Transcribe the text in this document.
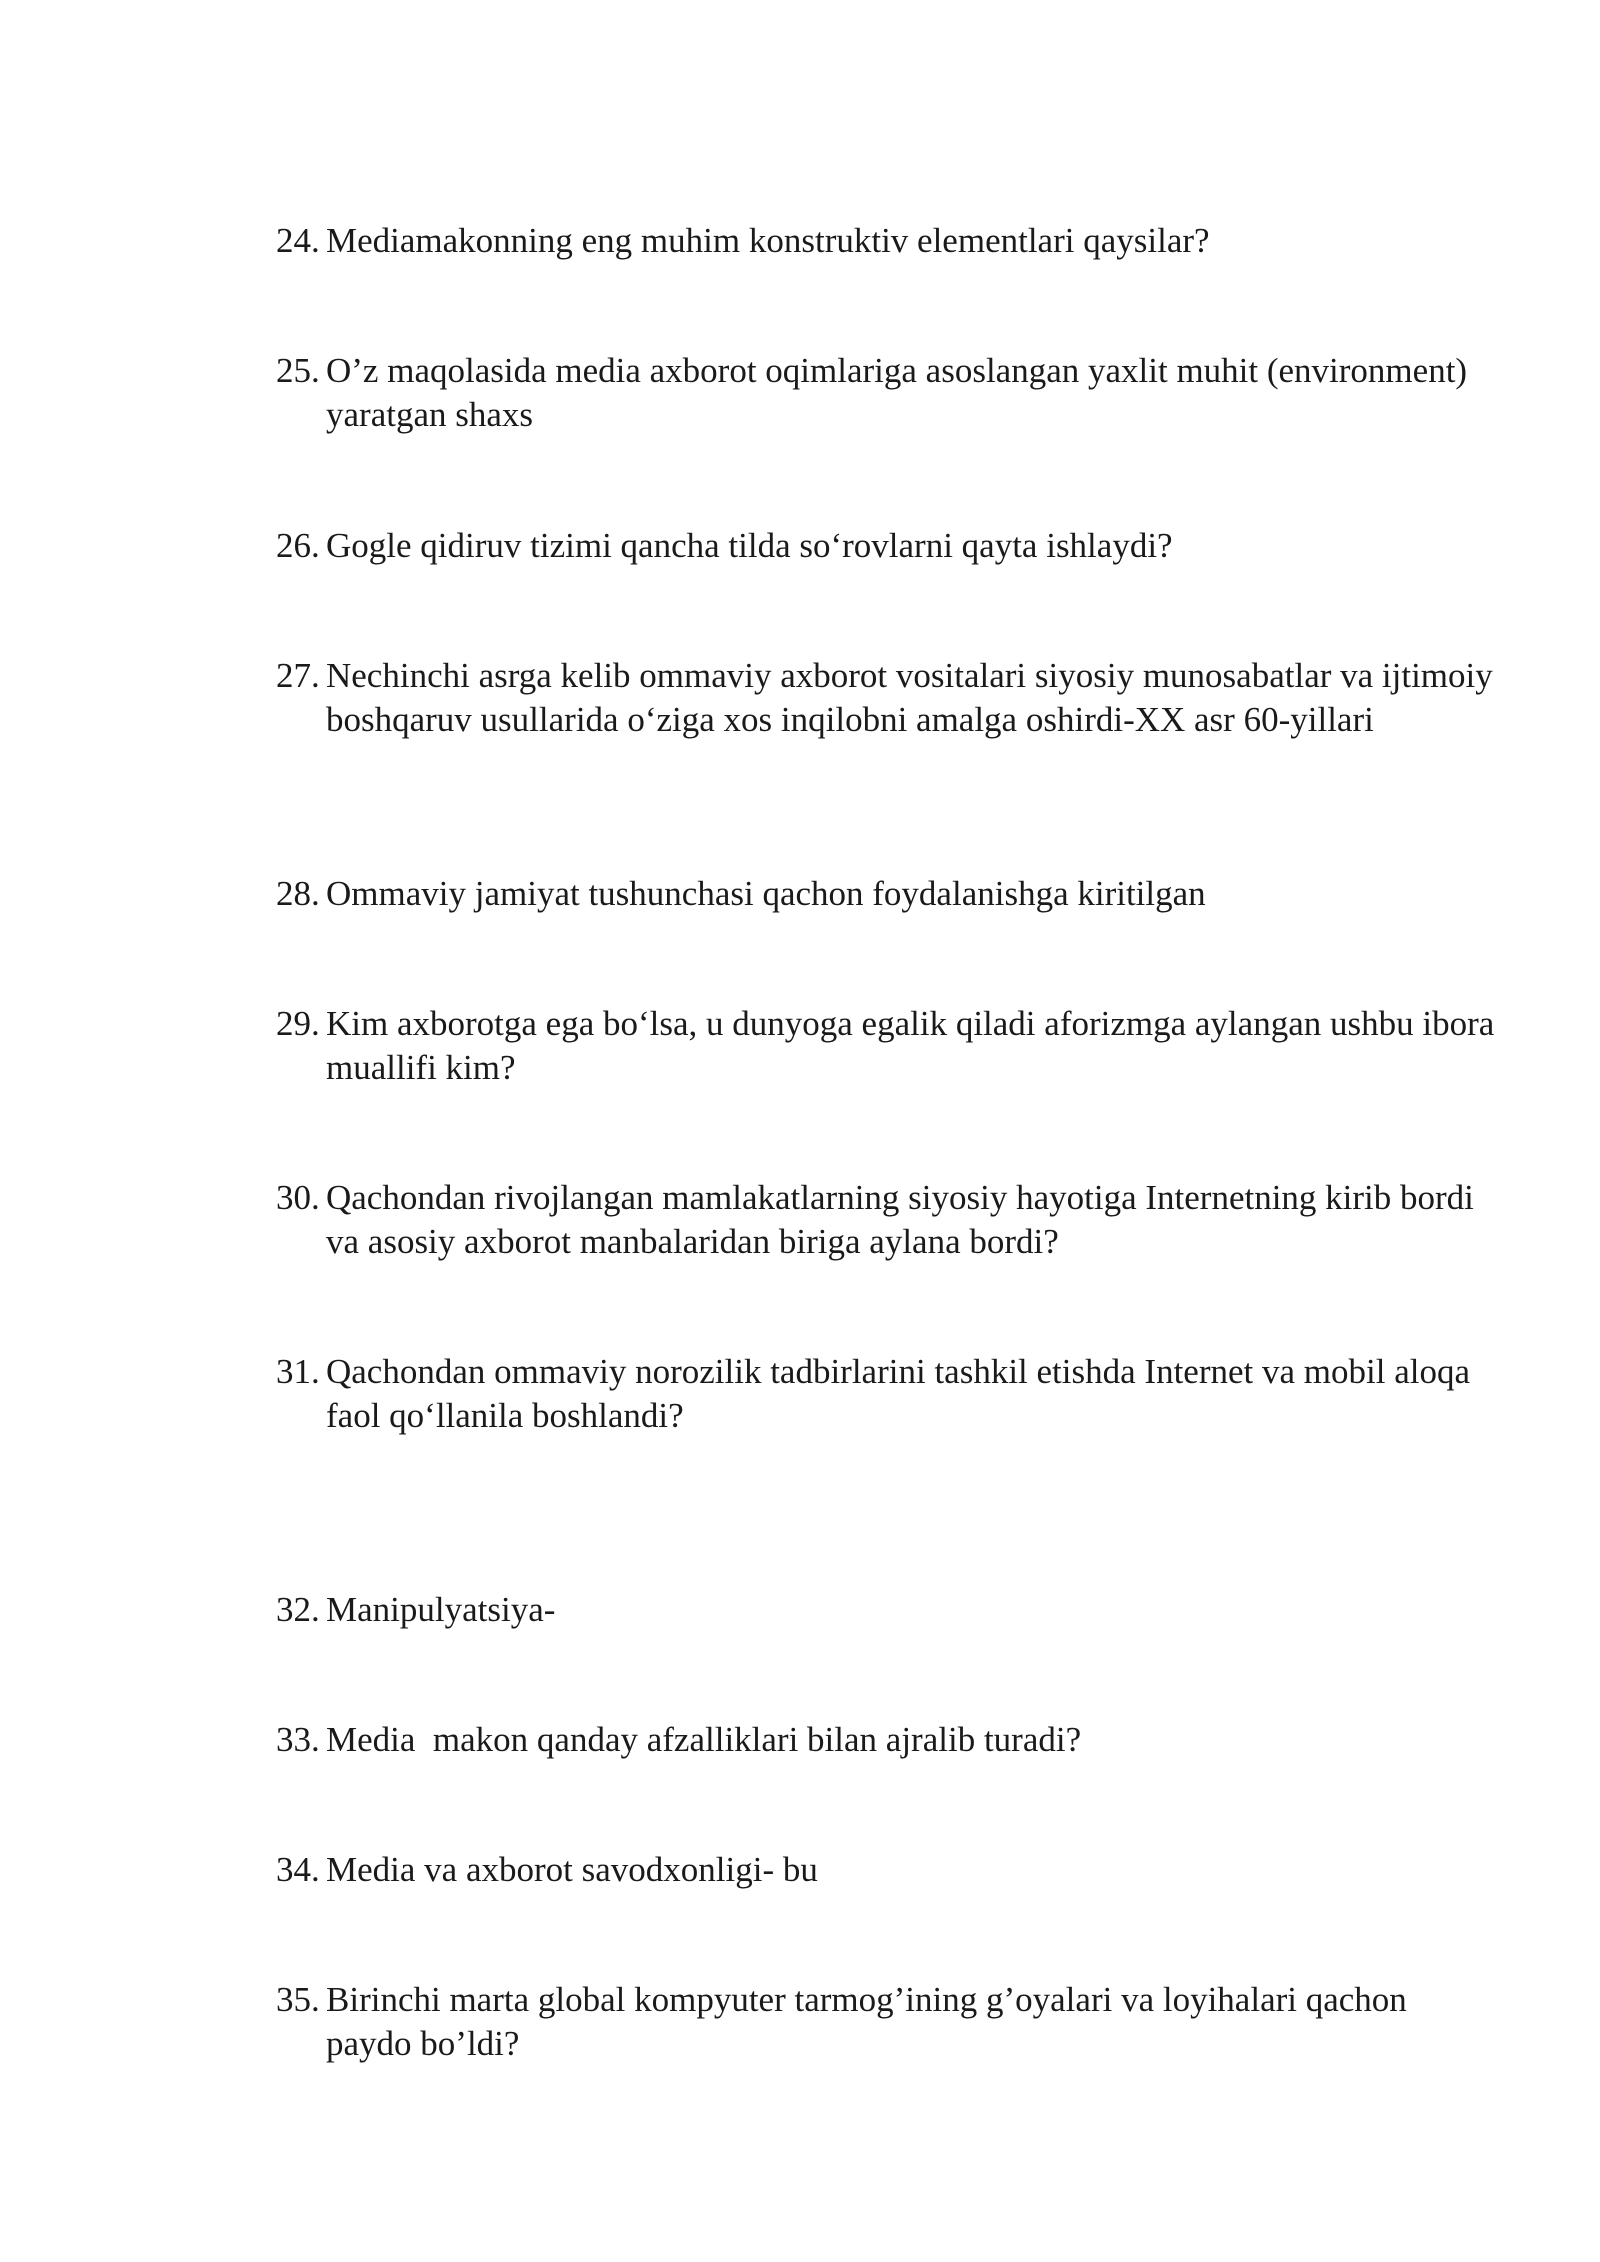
24. Mediamakonning eng muhim konstruktiv elementlari qaysilar?
25. O’z maqolasida media axborot oqimlariga asoslangan yaxlit muhit (environment) yaratgan shaxs
26. Gogle qidiruv tizimi qancha tilda so‘rovlarni qayta ishlaydi?
27. Nechinchi asrga kelib ommaviy axborot vositalari siyosiy munosabatlar va ijtimoiy boshqaruv usullarida o‘ziga xos inqilobni amalga oshirdi-XX asr 60-yillari
28. Ommaviy jamiyat tushunchasi qachon foydalanishga kiritilgan
29. Kim axborotga ega bo‘lsa, u dunyoga egalik qiladi aforizmga aylangan ushbu ibora muallifi kim?
30. Qachondan rivojlangan mamlakatlarning siyosiy hayotiga Internetning kirib bordi va asosiy axborot manbalaridan biriga aylana bordi?
31. Qachondan ommaviy norozilik tadbirlarini tashkil etishda Internet va mobil aloqa faol qo‘llanila boshlandi?
32. Manipulyatsiya-
33. Media  makon qanday afzalliklari bilan ajralib turadi?
34. Media va axborot savodxonligi- bu
35. Birinchi marta global kompyuter tarmog’ining g’oyalari va loyihalari qachon paydo bo’ldi?
